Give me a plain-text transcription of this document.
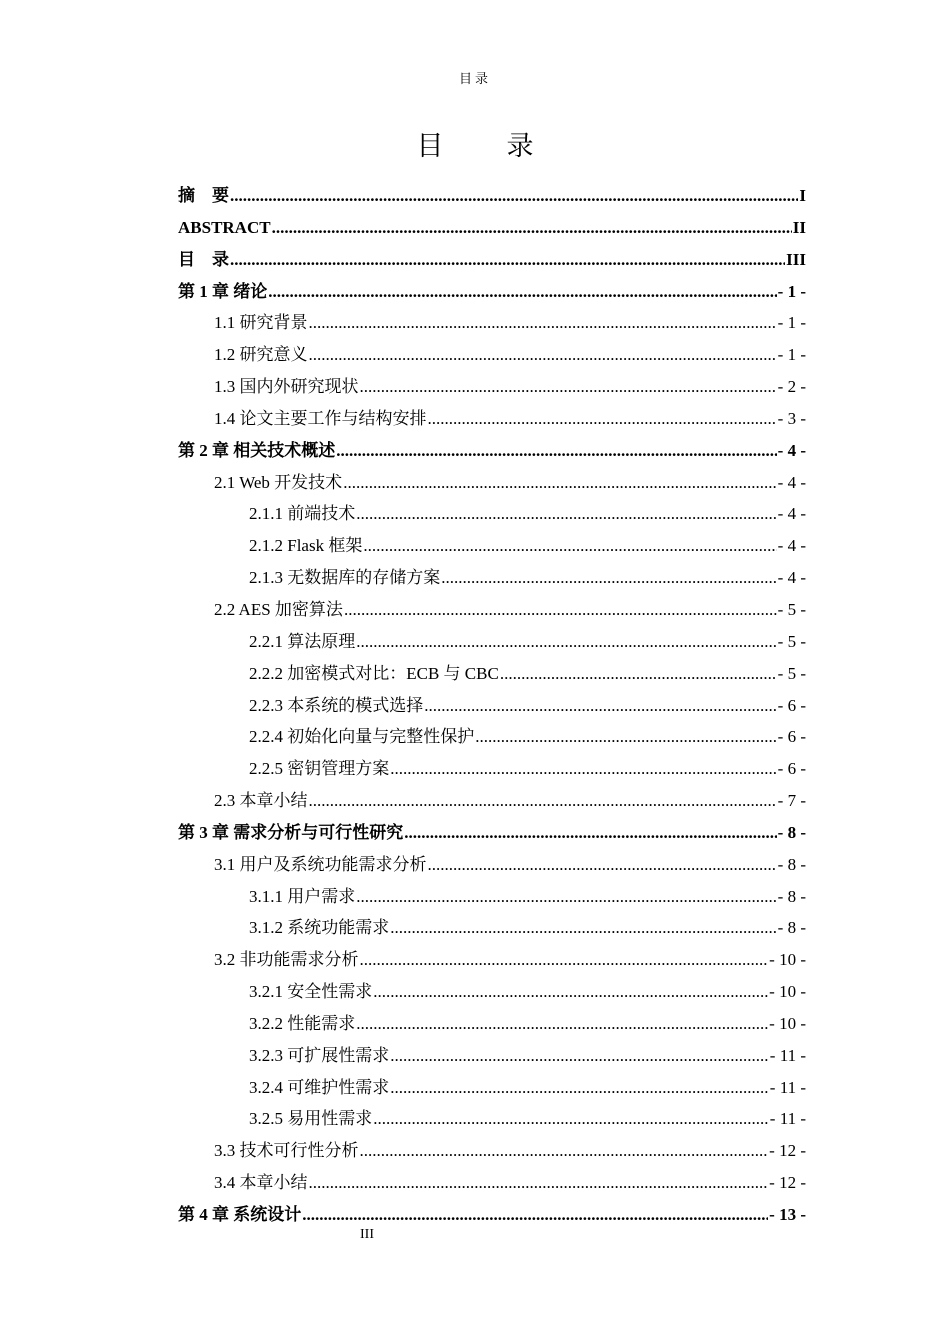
目录
目　录
摘　要 .....	I
ABSTRACT .....	II
目　录 .....	III
第 1 章 绪论 .....	- 1 -
1.1 研究背景 .....	- 1 -
1.2 研究意义 .....	- 1 -
1.3 国内外研究现状 .....	- 2 -
1.4 论文主要工作与结构安排 .....	- 3 -
第 2 章 相关技术概述 .....	- 4 -
2.1 Web 开发技术 .....	- 4 -
2.1.1 前端技术 .....	- 4 -
2.1.2 Flask 框架 .....	- 4 -
2.1.3 无数据库的存储方案 .....	- 4 -
2.2 AES 加密算法 .....	- 5 -
2.2.1 算法原理 .....	- 5 -
2.2.2 加密模式对比：ECB 与 CBC .....	- 5 -
2.2.3 本系统的模式选择 .....	- 6 -
2.2.4 初始化向量与完整性保护 .....	- 6 -
2.2.5 密钥管理方案 .....	- 6 -
2.3 本章小结 .....	- 7 -
第 3 章 需求分析与可行性研究 .....	- 8 -
3.1 用户及系统功能需求分析 .....	- 8 -
3.1.1 用户需求 .....	- 8 -
3.1.2 系统功能需求 .....	- 8 -
3.2 非功能需求分析 .....	- 10 -
3.2.1 安全性需求 .....	- 10 -
3.2.2 性能需求 .....	- 10 -
3.2.3 可扩展性需求 .....	- 11 -
3.2.4 可维护性需求 .....	- 11 -
3.2.5 易用性需求 .....	- 11 -
3.3 技术可行性分析 .....	- 12 -
3.4 本章小结 .....	- 12 -
第 4 章 系统设计 .....	- 13 -
III
